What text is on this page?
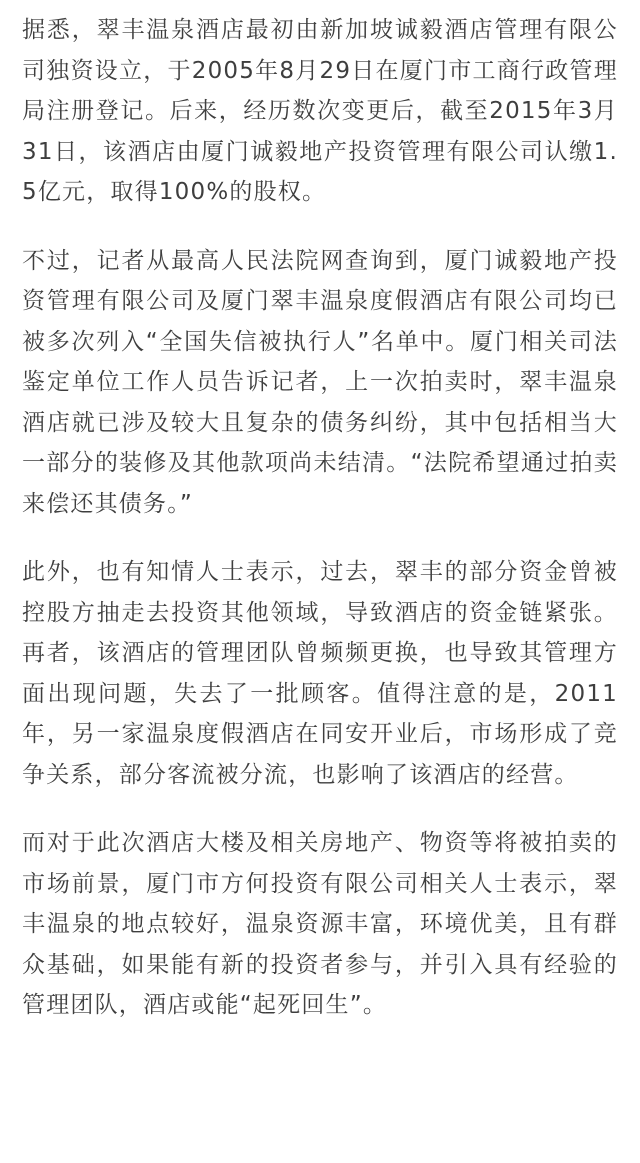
据悉，翠丰温泉酒店最初由新加坡诚毅酒店管理有限公司独资设立，于2005年8月29日在厦门市工商行政管理局注册登记。后来，经历数次变更后，截至2015年3月31日，该酒店由厦门诚毅地产投资管理有限公司认缴1.5亿元，取得100%的股权。

不过，记者从最高人民法院网查询到，厦门诚毅地产投资管理有限公司及厦门翠丰温泉度假酒店有限公司均已被多次列入“全国失信被执行人”名单中。厦门相关司法鉴定单位工作人员告诉记者，上一次拍卖时，翠丰温泉酒店就已涉及较大且复杂的债务纠纷，其中包括相当大一部分的装修及其他款项尚未结清。“法院希望通过拍卖来偿还其债务。”

此外，也有知情人士表示，过去，翠丰的部分资金曾被控股方抽走去投资其他领域，导致酒店的资金链紧张。再者，该酒店的管理团队曾频频更换，也导致其管理方面出现问题，失去了一批顾客。值得注意的是，2011年，另一家温泉度假酒店在同安开业后，市场形成了竞争关系，部分客流被分流，也影响了该酒店的经营。

而对于此次酒店大楼及相关房地产、物资等将被拍卖的市场前景，厦门市方何投资有限公司相关人士表示，翠丰温泉的地点较好，温泉资源丰富，环境优美，且有群众基础，如果能有新的投资者参与，并引入具有经验的管理团队，酒店或能“起死回生”。
